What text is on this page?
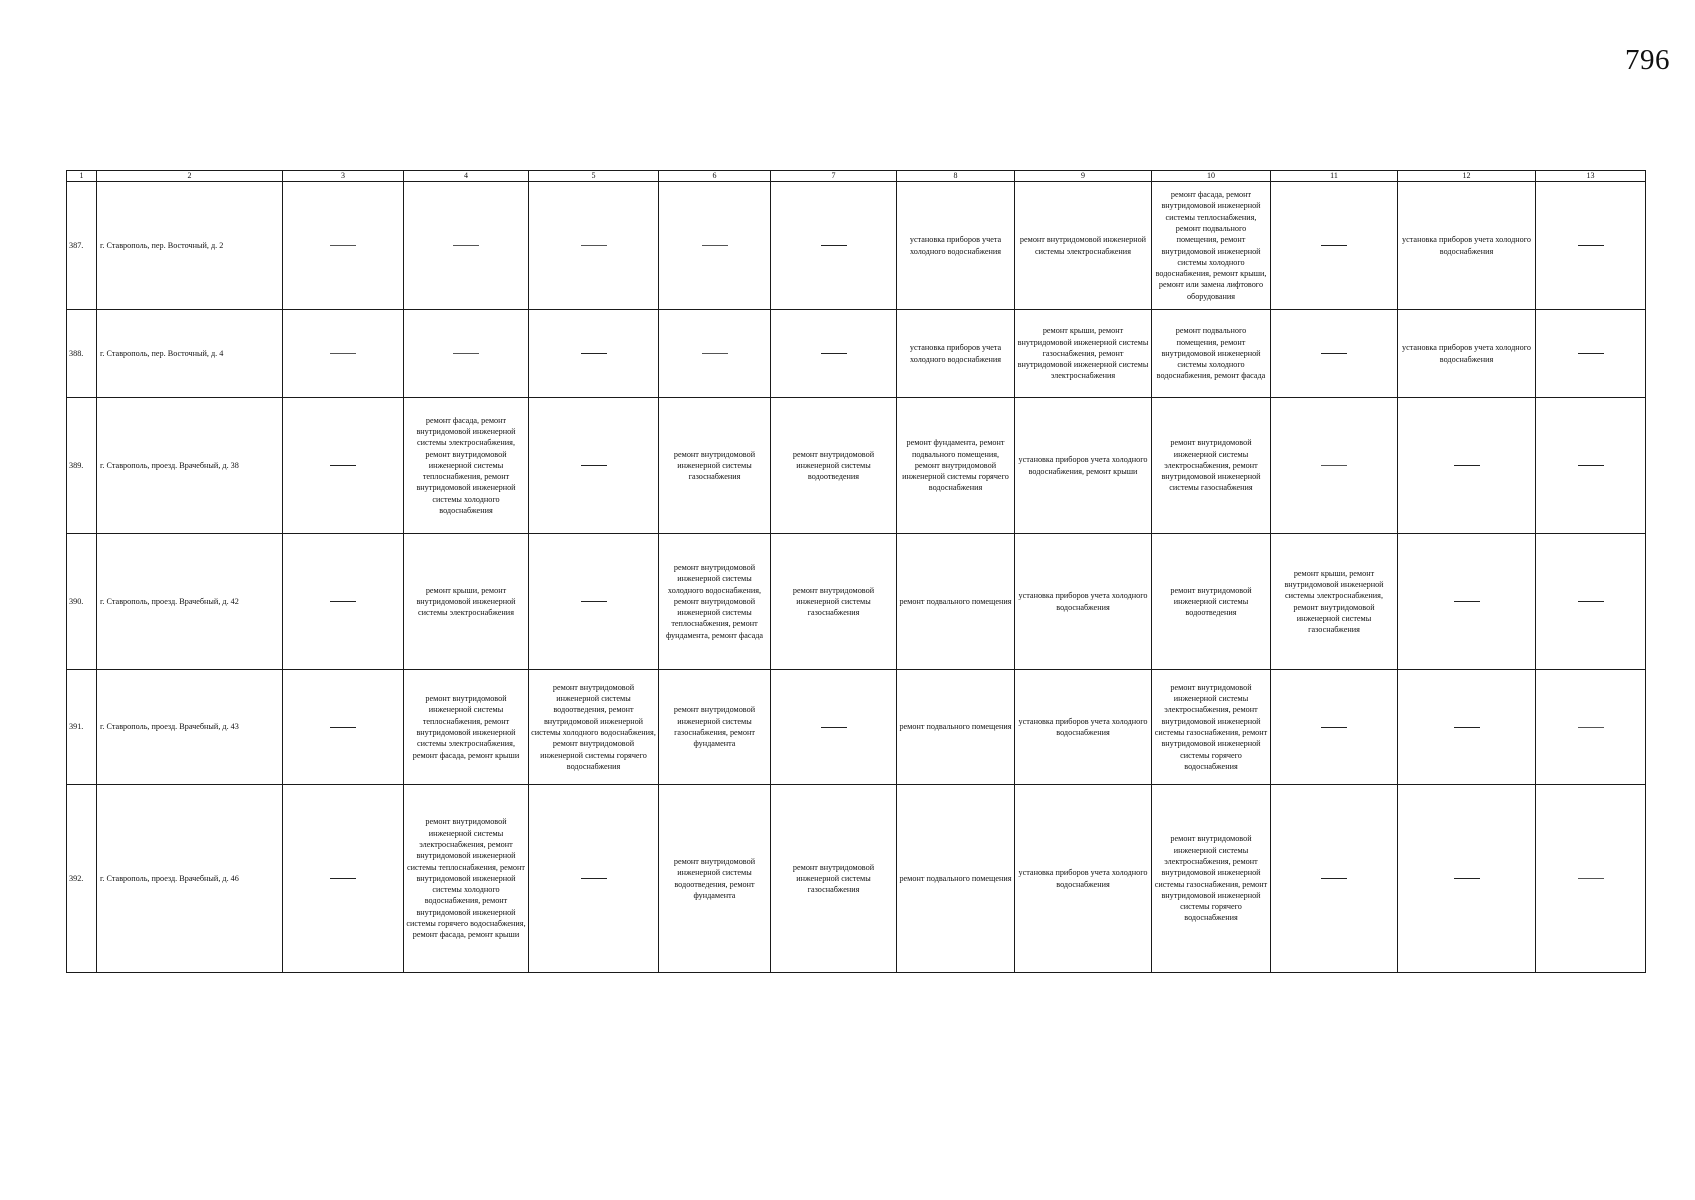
796
1	2	3	4	5	6	7	8	9	10	11	12	13
387.	г. Ставрополь, пер. Восточный, д. 2						установка приборов учета холодного водоснабжения	ремонт внутридомовой инженерной системы электроснабжения	ремонт фасада, ремонт внутридомовой инженерной системы теплоснабжения, ремонт подвального помещения, ремонт внутридомовой инженерной системы холодного водоснабжения, ремонт крыши, ремонт или замена лифтового оборудования		установка приборов учета холодного водоснабжения

388.	г. Ставрополь, пер. Восточный, д. 4						установка приборов учета холодного водоснабжения	ремонт крыши, ремонт внутридомовой инженерной системы газоснабжения, ремонт внутридомовой инженерной системы электроснабжения	ремонт подвального помещения, ремонт внутридомовой инженерной системы холодного водоснабжения, ремонт фасада		установка приборов учета холодного водоснабжения

389.	г. Ставрополь, проезд. Врачебный, д. 38		ремонт фасада, ремонт внутридомовой инженерной системы электроснабжения, ремонт внутридомовой инженерной системы теплоснабжения, ремонт внутридомовой инженерной системы холодного водоснабжения		ремонт внутридомовой инженерной системы газоснабжения	ремонт внутридомовой инженерной системы водоотведения	ремонт фундамента, ремонт подвального помещения, ремонт внутридомовой инженерной системы горячего водоснабжения	установка приборов учета холодного водоснабжения, ремонт крыши	ремонт внутридомовой инженерной системы электроснабжения, ремонт внутридомовой инженерной системы газоснабжения

390.	г. Ставрополь, проезд. Врачебный, д. 42		ремонт крыши, ремонт внутридомовой инженерной системы электроснабжения		ремонт внутридомовой инженерной системы холодного водоснабжения, ремонт внутридомовой инженерной системы теплоснабжения, ремонт фундамента, ремонт фасада	ремонт внутридомовой инженерной системы газоснабжения	ремонт подвального помещения	установка приборов учета холодного водоснабжения	ремонт внутридомовой инженерной системы водоотведения	ремонт крыши, ремонт внутридомовой инженерной системы электроснабжения, ремонт внутридомовой инженерной системы газоснабжения

391.	г. Ставрополь, проезд. Врачебный, д. 43		ремонт внутридомовой инженерной системы теплоснабжения, ремонт внутридомовой инженерной системы электроснабжения, ремонт фасада, ремонт крыши	ремонт внутридомовой инженерной системы водоотведения, ремонт внутридомовой инженерной системы холодного водоснабжения, ремонт внутридомовой инженерной системы горячего водоснабжения	ремонт внутридомовой инженерной системы газоснабжения, ремонт фундамента		ремонт подвального помещения	установка приборов учета холодного водоснабжения	ремонт внутридомовой инженерной системы электроснабжения, ремонт внутридомовой инженерной системы газоснабжения, ремонт внутридомовой инженерной системы горячего водоснабжения

392.	г. Ставрополь, проезд. Врачебный, д. 46		ремонт внутридомовой инженерной системы электроснабжения, ремонт внутридомовой инженерной системы теплоснабжения, ремонт внутридомовой инженерной системы холодного водоснабжения, ремонт внутридомовой инженерной системы горячего водоснабжения, ремонт фасада, ремонт крыши		ремонт внутридомовой инженерной системы водоотведения, ремонт фундамента	ремонт внутридомовой инженерной системы газоснабжения	ремонт подвального помещения	установка приборов учета холодного водоснабжения	ремонт внутридомовой инженерной системы электроснабжения, ремонт внутридомовой инженерной системы газоснабжения, ремонт внутридомовой инженерной системы горячего водоснабжения
